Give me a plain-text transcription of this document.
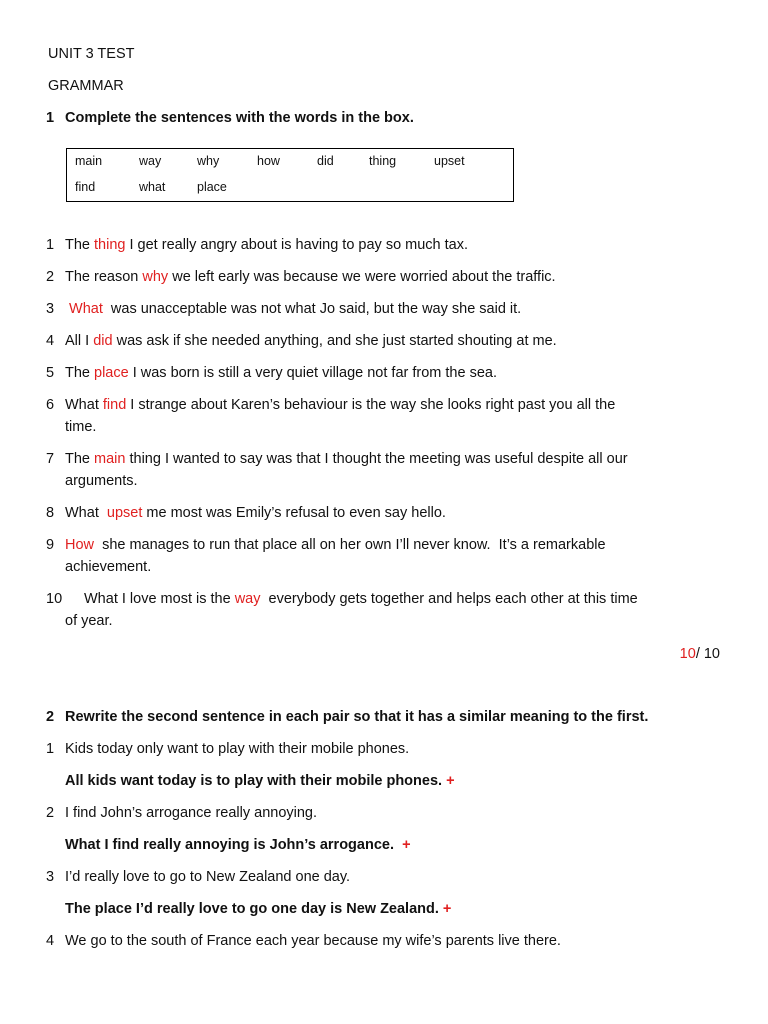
UNIT 3 TEST
GRAMMAR
1 Complete the sentences with the words in the box.
main	way	why	how	did	thing	upset
find	what	place
1 The thing I get really angry about is having to pay so much tax.
2 The reason why we left early was because we were worried about the traffic.
3 What  was unacceptable was not what Jo said, but the way she said it.
4 All I did was ask if she needed anything, and she just started shouting at me.
5 The place I was born is still a very quiet village not far from the sea.
6 What find I strange about Karen’s behaviour is the way she looks right past you all the
time.
7 The main thing I wanted to say was that I thought the meeting was useful despite all our
arguments.
8 What  upset me most was Emily’s refusal to even say hello.
9 How  she manages to run that place all on her own I’ll never know.  It’s a remarkable
achievement.
10 What I love most is the way  everybody gets together and helps each other at this time
of year.
10/ 10
2 Rewrite the second sentence in each pair so that it has a similar meaning to the first.
1 Kids today only want to play with their mobile phones.
All kids want today is to play with their mobile phones. +
2 I find John’s arrogance really annoying.
What I find really annoying is John’s arrogance. +
3 I’d really love to go to New Zealand one day.
The place I’d really love to go one day is New Zealand. +
4 We go to the south of France each year because my wife’s parents live there.
